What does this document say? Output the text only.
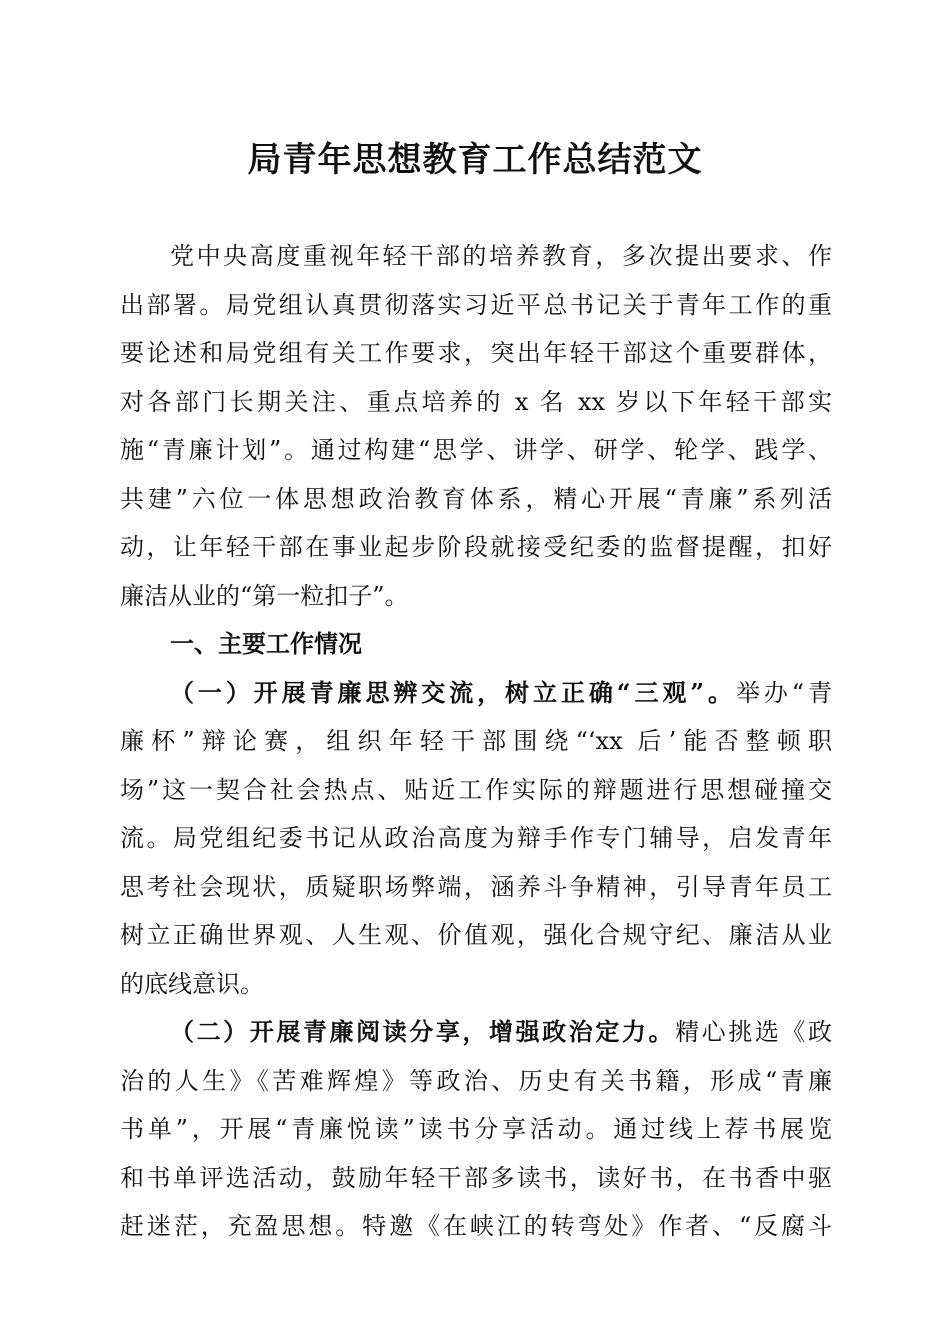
局青年思想教育工作总结范文
党中央高度重视年轻干部的培养教育，多次提出要求、作
出部署。局党组认真贯彻落实习近平总书记关于青年工作的重
要论述和局党组有关工作要求，突出年轻干部这个重要群体，
对各部门长期关注、重点培养的 x 名 xx 岁以下年轻干部实
施“青廉计划”。通过构建“思学、讲学、研学、轮学、践学、
共建”六位一体思想政治教育体系，精心开展“青廉”系列活
动，让年轻干部在事业起步阶段就接受纪委的监督提醒，扣好
廉洁从业的“第一粒扣子”。
一、主要工作情况
（一）开展青廉思辨交流，树立正确“三观”。举办“青
廉杯”辩论赛，组织年轻干部围绕“‘xx 后’能否整顿职
场”这一契合社会热点、贴近工作实际的辩题进行思想碰撞交
流。局党组纪委书记从政治高度为辩手作专门辅导，启发青年
思考社会现状，质疑职场弊端，涵养斗争精神，引导青年员工
树立正确世界观、人生观、价值观，强化合规守纪、廉洁从业
的底线意识。
（二）开展青廉阅读分享，增强政治定力。精心挑选《政
治的人生》《苦难辉煌》等政治、历史有关书籍，形成“青廉
书单”，开展“青廉悦读”读书分享活动。通过线上荐书展览
和书单评选活动，鼓励年轻干部多读书，读好书，在书香中驱
赶迷茫，充盈思想。特邀《在峡江的转弯处》作者、“反腐斗
